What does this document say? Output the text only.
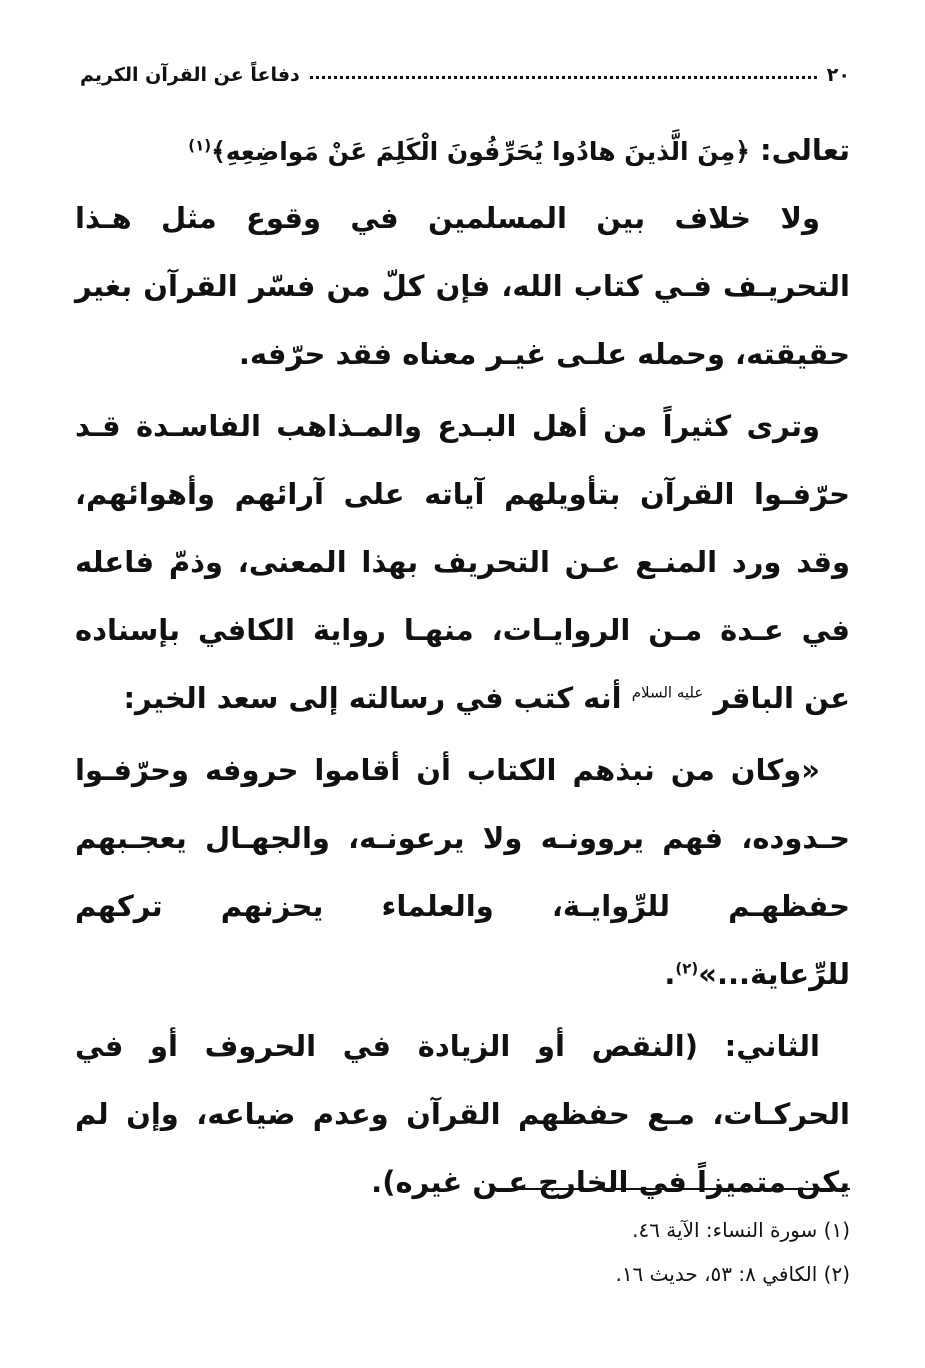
٢٠
دفاعاً عن القرآن الكريم

تعالى: ﴿مِنَ الَّذينَ هادُوا يُحَرِّفُونَ الْكَلِمَ عَنْ مَواضِعِهِ﴾$^{(١)}$

ولا خلاف بين المسلمين في وقوع مثل هـذا التحريـف فـي كتاب الله، فإن كلّ من فسّر القرآن بغير حقيقته، وحمله علـى غيـر معناه فقد حرّفه.

وترى كثيراً من أهل البـدع والمـذاهب الفاسـدة قـد حرّفـوا القرآن بتأويلهم آياته على آرائهم وأهوائهم، وقد ورد المنـع عـن التحريف بهذا المعنى، وذمّ فاعله في عـدة مـن الروايـات، منهـا رواية الكافي بإسناده عن الباقر $^{عليه السلام}$ أنه كتب في رسالته إلى سعد الخير:

«وكان من نبذهم الكتاب أن أقاموا حروفه وحرّفـوا حـدوده، فهم يروونـه ولا يرعونـه، والجهـال يعجـبهم حفظهـم للرِّوايـة، والعلماء يحزنهم تركهم للرِّعاية...»$^{(٢)}$.

الثاني: (النقص أو الزيادة في الحروف أو في الحركـات، مـع حفظهم القرآن وعدم ضياعه، وإن لم يكن متميزاً في الخارج عـن غيره).

(١) سورة النساء: الآية ٤٦.

(٢) الكافي ٨: ٥٣، حديث ١٦.
